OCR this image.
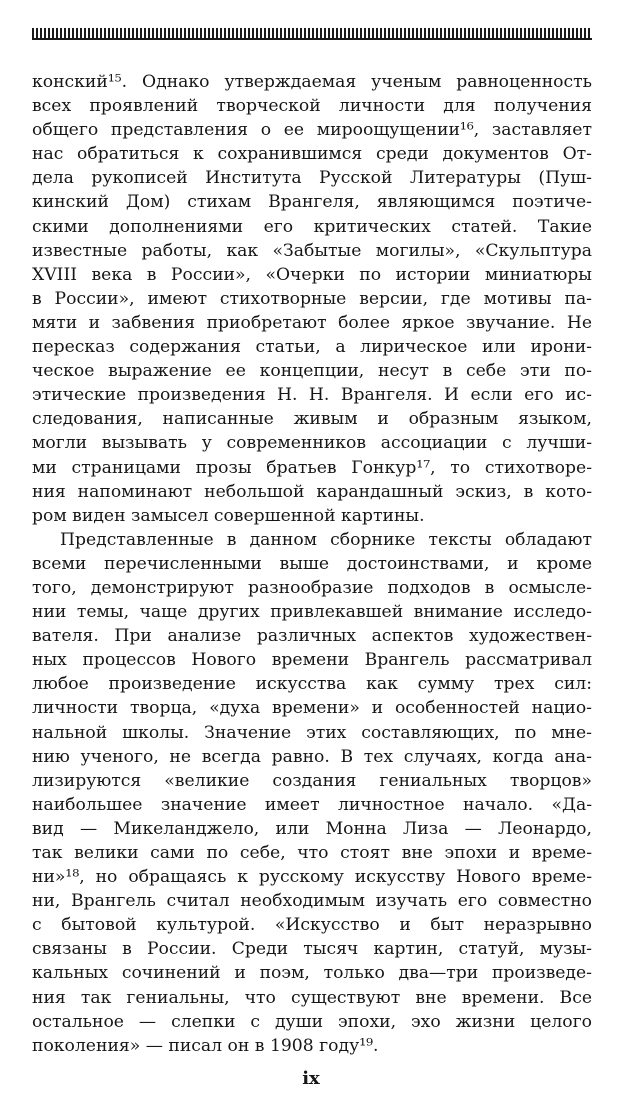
конский¹⁵. Однако утверждаемая ученым равноценность
всех проявлений творческой личности для получения
общего представления о ее мироощущении¹⁶, заставляет
нас обратиться к сохранившимся среди документов От-
дела рукописей Института Русской Литературы (Пуш-
кинский Дом) стихам Врангеля, являющимся поэтиче-
скими дополнениями его критических статей. Такие
известные работы, как «Забытые могилы», «Скульптура
XVIII века в России», «Очерки по истории миниатюры
в России», имеют стихотворные версии, где мотивы па-
мяти и забвения приобретают более яркое звучание. Не
пересказ содержания статьи, а лирическое или ирони-
ческое выражение ее концепции, несут в себе эти по-
этические произведения Н. Н. Врангеля. И если его ис-
следования, написанные живым и образным языком,
могли вызывать у современников ассоциации с лучши-
ми страницами прозы братьев Гонкур¹⁷, то стихотворе-
ния напоминают небольшой карандашный эскиз, в кото-
ром виден замысел совершенной картины.
Представленные в данном сборнике тексты обладают
всеми перечисленными выше достоинствами, и кроме
того, демонстрируют разнообразие подходов в осмысле-
нии темы, чаще других привлекавшей внимание исследо-
вателя. При анализе различных аспектов художествен-
ных процессов Нового времени Врангель рассматривал
любое произведение искусства как сумму трех сил:
личности творца, «духа времени» и особенностей нацио-
нальной школы. Значение этих составляющих, по мне-
нию ученого, не всегда равно. В тех случаях, когда ана-
лизируются «великие создания гениальных творцов»
наибольшее значение имеет личностное начало. «Да-
вид — Микеланджело, или Монна Лиза — Леонардо,
так велики сами по себе, что стоят вне эпохи и време-
ни»¹⁸, но обращаясь к русскому искусству Нового време-
ни, Врангель считал необходимым изучать его совместно
с бытовой культурой. «Искусство и быт неразрывно
связаны в России. Среди тысяч картин, статуй, музы-
кальных сочинений и поэм, только два—три произведе-
ния так гениальны, что существуют вне времени. Все
остальное — слепки с души эпохи, эхо жизни целого
поколения» — писал он в 1908 году¹⁹.
ix
